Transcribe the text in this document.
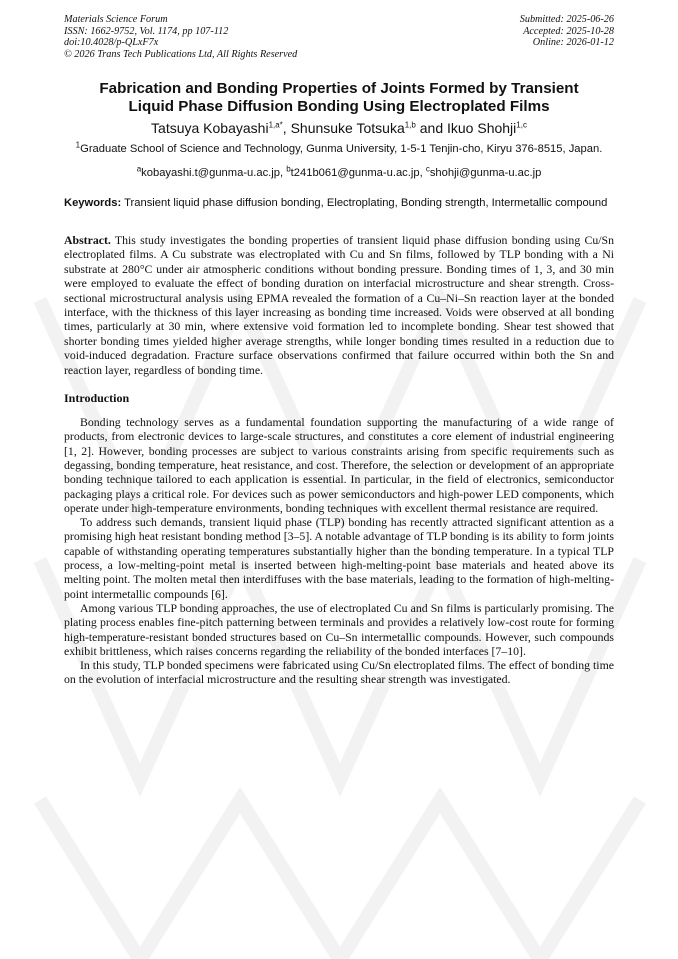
Materials Science Forum
ISSN: 1662-9752, Vol. 1174, pp 107-112
doi:10.4028/p-QLxF7x
© 2026 Trans Tech Publications Ltd, All Rights Reserved
Submitted: 2025-06-26
Accepted: 2025-10-28
Online: 2026-01-12
Fabrication and Bonding Properties of Joints Formed by Transient
Liquid Phase Diffusion Bonding Using Electroplated Films
Tatsuya Kobayashi$^{1,a*}$, Shunsuke Totsuka$^{1,b}$ and Ikuo Shohji$^{1,c}$
$^1$Graduate School of Science and Technology, Gunma University, 1-5-1 Tenjin-cho, Kiryu 376-8515, Japan.
$^a$kobayashi.t@gunma-u.ac.jp, $^b$t241b061@gunma-u.ac.jp, $^c$shohji@gunma-u.ac.jp
Keywords: Transient liquid phase diffusion bonding, Electroplating, Bonding strength, Intermetallic compound
Abstract. This study investigates the bonding properties of transient liquid phase diffusion bonding using Cu/Sn electroplated films. A Cu substrate was electroplated with Cu and Sn films, followed by TLP bonding with a Ni substrate at 280°C under air atmospheric conditions without bonding pressure. Bonding times of 1, 3, and 30 min were employed to evaluate the effect of bonding duration on interfacial microstructure and shear strength. Cross-sectional microstructural analysis using EPMA revealed the formation of a Cu–Ni–Sn reaction layer at the bonded interface, with the thickness of this layer increasing as bonding time increased. Voids were observed at all bonding times, particularly at 30 min, where extensive void formation led to incomplete bonding. Shear test showed that shorter bonding times yielded higher average strengths, while longer bonding times resulted in a reduction due to void-induced degradation. Fracture surface observations confirmed that failure occurred within both the Sn and reaction layer, regardless of bonding time.
Introduction
Bonding technology serves as a fundamental foundation supporting the manufacturing of a wide range of products, from electronic devices to large-scale structures, and constitutes a core element of industrial engineering [1, 2]. However, bonding processes are subject to various constraints arising from specific requirements such as degassing, bonding temperature, heat resistance, and cost. Therefore, the selection or development of an appropriate bonding technique tailored to each application is essential. In particular, in the field of electronics, semiconductor packaging plays a critical role. For devices such as power semiconductors and high-power LED components, which operate under high-temperature environments, bonding techniques with excellent thermal resistance are required.
To address such demands, transient liquid phase (TLP) bonding has recently attracted significant attention as a promising high heat resistant bonding method [3–5]. A notable advantage of TLP bonding is its ability to form joints capable of withstanding operating temperatures substantially higher than the bonding temperature. In a typical TLP process, a low-melting-point metal is inserted between high-melting-point base materials and heated above its melting point. The molten metal then interdiffuses with the base materials, leading to the formation of high-melting-point intermetallic compounds [6].
Among various TLP bonding approaches, the use of electroplated Cu and Sn films is particularly promising. The plating process enables fine-pitch patterning between terminals and provides a relatively low-cost route for forming high-temperature-resistant bonded structures based on Cu–Sn intermetallic compounds. However, such compounds exhibit brittleness, which raises concerns regarding the reliability of the bonded interfaces [7–10].
In this study, TLP bonded specimens were fabricated using Cu/Sn electroplated films. The effect of bonding time on the evolution of interfacial microstructure and the resulting shear strength was investigated.
